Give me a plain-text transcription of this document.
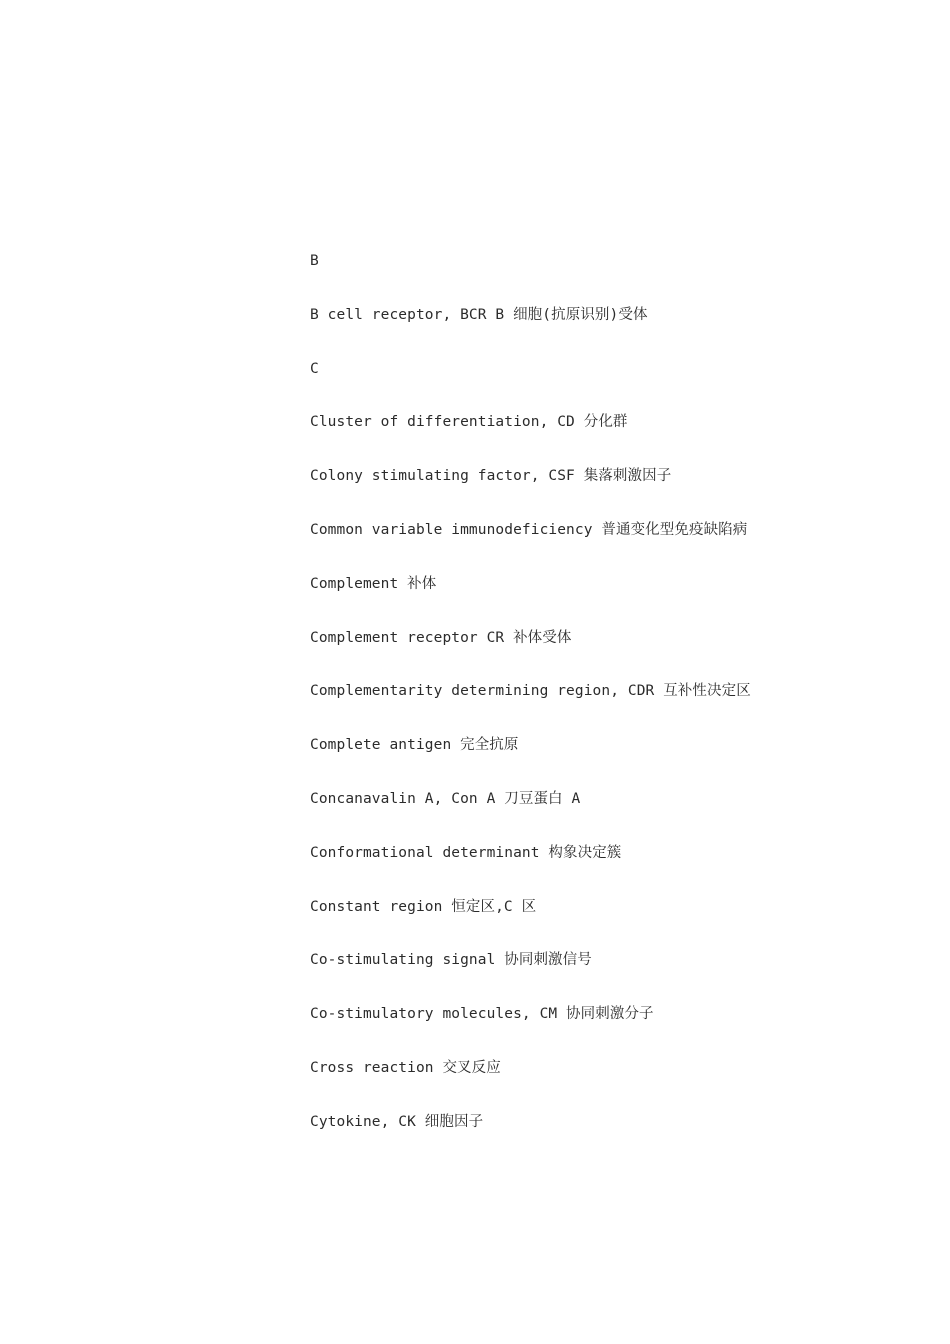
B
B cell receptor, BCR B 细胞(抗原识别)受体
C
Cluster of differentiation, CD 分化群
Colony stimulating factor, CSF 集落刺激因子
Common variable immunodeficiency 普通变化型免疫缺陷病
Complement 补体
Complement receptor CR 补体受体
Complementarity determining region, CDR 互补性决定区
Complete antigen 完全抗原
Concanavalin A, Con A 刀豆蛋白 A
Conformational determinant 构象决定簇
Constant region 恒定区,C 区
Co-stimulating signal 协同刺激信号
Co-stimulatory molecules, CM 协同刺激分子
Cross reaction 交叉反应
Cytokine, CK 细胞因子
